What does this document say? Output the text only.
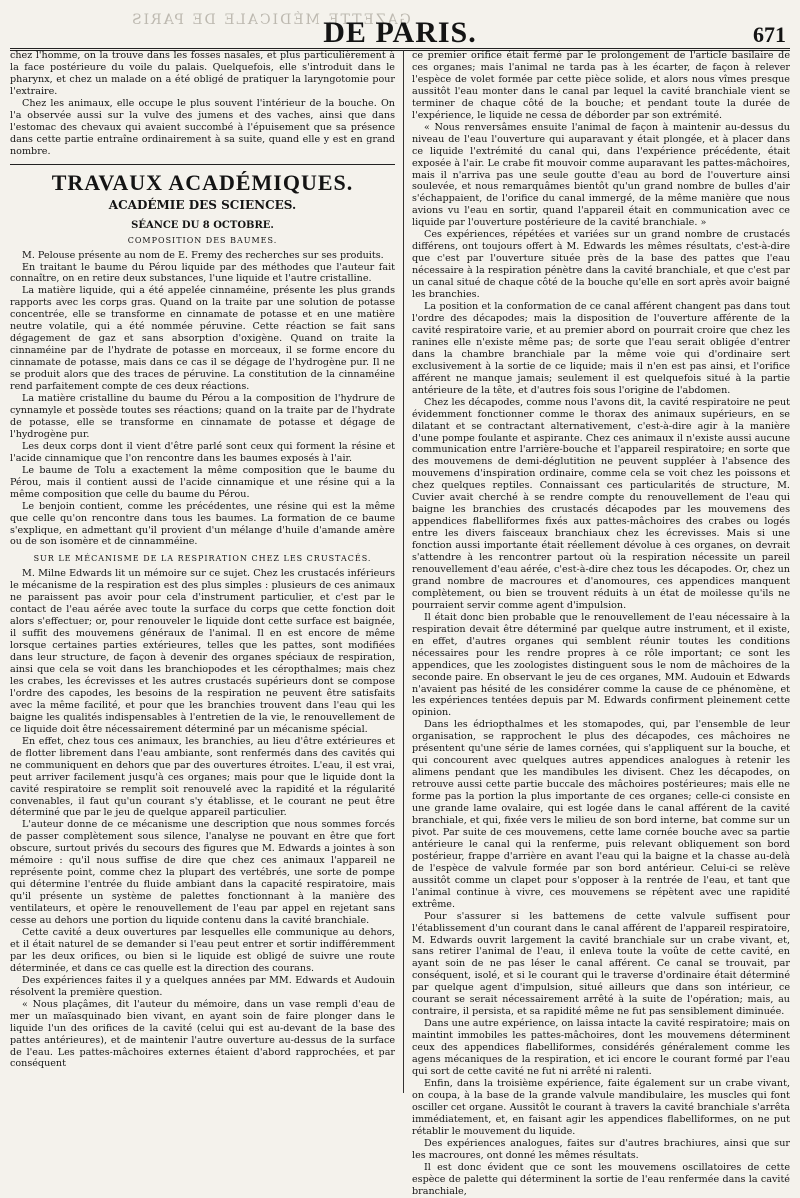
GAZETTE MÉDICALE DE PARIS
DE PARIS.	671

chez l'homme, on la trouve dans les fosses nasales, et plus particulièrement à la face postérieure du voile du palais. Quelquefois, elle s'introduit dans le pharynx, et chez un malade on a été obligé de pratiquer la laryngotomie pour l'extraire.

Chez les animaux, elle occupe le plus souvent l'intérieur de la bouche. On l'a observée aussi sur la vulve des jumens et des vaches, ainsi que dans l'estomac des chevaux qui avaient succombé à l'épuisement que sa présence dans cette partie entraîne ordinairement à sa suite, quand elle y est en grand nombre.

TRAVAUX ACADÉMIQUES.
ACADÉMIE DES SCIENCES.
SÉANCE DU 8 OCTOBRE.
COMPOSITION DES BAUMES.

M. Pelouse présente au nom de E. Fremy des recherches sur ses produits.

En traitant le baume du Pérou liquide par des méthodes que l'auteur fait connaître, on en retire deux substances, l'une liquide et l'autre cristalline.

La matière liquide, qui a été appelée cinnaméine, présente les plus grands rapports avec les corps gras. Quand on la traite par une solution de potasse concentrée, elle se transforme en cinnamate de potasse et en une matière neutre volatile, qui a été nommée péruvine. Cette réaction se fait sans dégagement de gaz et sans absorption d'oxigène. Quand on traite la cinnaméine par de l'hydrate de potasse en morceaux, il se forme encore du cinnamate de potasse, mais dans ce cas il se dégage de l'hydrogène pur. Il ne se produit alors que des traces de péruvine. La constitution de la cinnaméine rend parfaitement compte de ces deux réactions.

La matière cristalline du baume du Pérou a la composition de l'hydrure de cynnamyle et possède toutes ses réactions; quand on la traite par de l'hydrate de potasse, elle se transforme en cinnamate de potasse et dégage de l'hydrogène pur.

Les deux corps dont il vient d'être parlé sont ceux qui forment la résine et l'acide cinnamique que l'on rencontre dans les baumes exposés à l'air.

Le baume de Tolu a exactement la même composition que le baume du Pérou, mais il contient aussi de l'acide cinnamique et une résine qui a la même composition que celle du baume du Pérou.

Le benjoin contient, comme les précédentes, une résine qui est la même que celle qu'on rencontre dans tous les baumes. La formation de ce baume s'explique, en admettant qu'il provient d'un mélange d'huile d'amande amère ou de son isomère et de cinnamméine.

SUR LE MÉCANISME DE LA RESPIRATION CHEZ LES CRUSTACÉS.

M. Milne Edwards lit un mémoire sur ce sujet. Chez les crustacés inférieurs le mécanisme de la respiration est des plus simples : plusieurs de ces animaux ne paraissent pas avoir pour cela d'instrument particulier, et c'est par le contact de l'eau aérée avec toute la surface du corps que cette fonction doit alors s'effectuer; or, pour renouveler le liquide dont cette surface est baignée, il suffit des mouvemens généraux de l'animal. Il en est encore de même lorsque certaines parties extérieures, telles que les pattes, sont modifiées dans leur structure, de façon à devenir des organes spéciaux de respiration, ainsi que cela se voit dans les branchiopodes et les céropthalmes; mais chez les crabes, les écrevisses et les autres crustacés supérieurs dont se compose l'ordre des capodes, les besoins de la respiration ne peuvent être satisfaits avec la même facilité, et pour que les branchies trouvent dans l'eau qui les baigne les qualités indispensables à l'entretien de la vie, le renouvellement de ce liquide doit être nécessairement déterminé par un mécanisme spécial.

En effet, chez tous ces animaux, les branchies, au lieu d'être extérieures et de flotter librement dans l'eau ambiante, sont renfermés dans des cavités qui ne communiquent en dehors que par des ouvertures étroites. L'eau, il est vrai, peut arriver facilement jusqu'à ces organes; mais pour que le liquide dont la cavité respiratoire se remplit soit renouvelé avec la rapidité et la régularité convenables, il faut qu'un courant s'y établisse, et le courant ne peut être déterminé que par le jeu de quelque appareil particulier.

L'auteur donne de ce mécanisme une description que nous sommes forcés de passer complètement sous silence, l'analyse ne pouvant en être que fort obscure, surtout privés du secours des figures que M. Edwards a jointes à son mémoire : qu'il nous suffise de dire que chez ces animaux l'appareil ne représente point, comme chez la plupart des vertébrés, une sorte de pompe qui détermine l'entrée du fluide ambiant dans la capacité respiratoire, mais qu'il présente un système de palettes fonctionnant à la manière des ventilateurs, et opère le renouvellement de l'eau par appel en rejetant sans cesse au dehors une portion du liquide contenu dans la cavité branchiale.

Cette cavité a deux ouvertures par lesquelles elle communique au dehors, et il était naturel de se demander si l'eau peut entrer et sortir indifféremment par les deux orifices, ou bien si le liquide est obligé de suivre une route déterminée, et dans ce cas quelle est la direction des courans.

Des expériences faites il y a quelques années par MM. Edwards et Audouin résolvent la première question.

« Nous plaçâmes, dit l'auteur du mémoire, dans un vase rempli d'eau de mer un maïasquinado bien vivant, en ayant soin de faire plonger dans le liquide l'un des orifices de la cavité (celui qui est au-devant de la base des pattes antérieures), et de maintenir l'autre ouverture au-dessus de la surface de l'eau. Les pattes-mâchoires externes étaient d'abord rapprochées, et par conséquent

ce premier orifice était fermé par le prolongement de l'article basilaire de ces organes; mais l'animal ne tarda pas à les écarter, de façon à relever l'espèce de volet formée par cette pièce solide, et alors nous vîmes presque aussitôt l'eau monter dans le canal par lequel la cavité branchiale vient se terminer de chaque côté de la bouche; et pendant toute la durée de l'expérience, le liquide ne cessa de déborder par son extrémité.

« Nous renversâmes ensuite l'animal de façon à maintenir au-dessus du niveau de l'eau l'ouverture qui auparavant y était plongée, et à placer dans ce liquide l'extrémité du canal qui, dans l'expérience précédente, était exposée à l'air. Le crabe fit mouvoir comme auparavant les pattes-mâchoires, mais il n'arriva pas une seule goutte d'eau au bord de l'ouverture ainsi soulevée, et nous remarquâmes bientôt qu'un grand nombre de bulles d'air s'échappaient, de l'orifice du canal immergé, de la même manière que nous avions vu l'eau en sortir, quand l'appareil était en communication avec ce liquide par l'ouverture postérieure de la cavité branchiale. »

Ces expériences, répétées et variées sur un grand nombre de crustacés différens, ont toujours offert à M. Edwards les mêmes résultats, c'est-à-dire que c'est par l'ouverture située près de la base des pattes que l'eau nécessaire à la respiration pénètre dans la cavité branchiale, et que c'est par un canal situé de chaque côté de la bouche qu'elle en sort après avoir baigné les branchies.

La position et la conformation de ce canal afférent changent pas dans tout l'ordre des décapodes; mais la disposition de l'ouverture afférente de la cavité respiratoire varie, et au premier abord on pourrait croire que chez les ranines elle n'existe même pas; de sorte que l'eau serait obligée d'entrer dans la chambre branchiale par la même voie qui d'ordinaire sert exclusivement à la sortie de ce liquide; mais il n'en est pas ainsi, et l'orifice afférent ne manque jamais; seulement il est quelquefois situé à la partie antérieure de la tête, et d'autres fois sous l'origine de l'abdomen.

Chez les décapodes, comme nous l'avons dit, la cavité respiratoire ne peut évidemment fonctionner comme le thorax des animaux supérieurs, en se dilatant et se contractant alternativement, c'est-à-dire agir à la manière d'une pompe foulante et aspirante. Chez ces animaux il n'existe aussi aucune communication entre l'arrière-bouche et l'appareil respiratoire; en sorte que des mouvemens de demi-déglutition ne peuvent suppléer à l'absence des mouvemens d'inspiration ordinaire, comme cela se voit chez les poissons et chez quelques reptiles. Connaissant ces particularités de structure, M. Cuvier avait cherché à se rendre compte du renouvellement de l'eau qui baigne les branchies des crustacés décapodes par les mouvemens des appendices flabelliformes fixés aux pattes-mâchoires des crabes ou logés entre les divers faisceaux branchiaux chez les écrevisses. Mais si une fonction aussi importante était réellement dévolue à ces organes, on devrait s'attendre à les rencontrer partout où la respiration nécessite un pareil renouvellement d'eau aérée, c'est-à-dire chez tous les décapodes. Or, chez un grand nombre de macroures et d'anomoures, ces appendices manquent complètement, ou bien se trouvent réduits à un état de moilesse qu'ils ne pourraient servir comme agent d'impulsion.

Il était donc bien probable que le renouvellement de l'eau nécessaire à la respiration devait être déterminé par quelque autre instrument, et il existe, en effet, d'autres organes qui semblent réunir toutes les conditions nécessaires pour les rendre propres à ce rôle important; ce sont les appendices, que les zoologistes distinguent sous le nom de mâchoires de la seconde paire. En observant le jeu de ces organes, MM. Audouin et Edwards n'avaient pas hésité de les considérer comme la cause de ce phénomène, et les expériences tentées depuis par M. Edwards confirment pleinement cette opinion.

Dans les édriopthalmes et les stomapodes, qui, par l'ensemble de leur organisation, se rapprochent le plus des décapodes, ces mâchoires ne présentent qu'une série de lames cornées, qui s'appliquent sur la bouche, et qui concourent avec quelques autres appendices analogues à retenir les alimens pendant que les mandibules les divisent. Chez les décapodes, on retrouve aussi cette partie buccale des mâchoires postérieures; mais elle ne forme pas la portion la plus importante de ces organes; celle-ci consiste en une grande lame ovalaire, qui est logée dans le canal afférent de la cavité branchiale, et qui, fixée vers le milieu de son bord interne, bat comme sur un pivot. Par suite de ces mouvemens, cette lame cornée bouche avec sa partie antérieure le canal qui la renferme, puis relevant obliquement son bord postérieur, frappe d'arrière en avant l'eau qui la baigne et la chasse au-delà de l'espèce de valvule formée par son bord antérieur. Celui-ci se relève aussitôt comme un clapet pour s'opposer à la rentrée de l'eau, et tant que l'animal continue à vivre, ces mouvemens se répètent avec une rapidité extrême.

Pour s'assurer si les battemens de cette valvule suffisent pour l'établissement d'un courant dans le canal afférent de l'appareil respiratoire, M. Edwards ouvrit largement la cavité branchiale sur un crabe vivant, et, sans retirer l'animal de l'eau, il enleva toute la voûte de cette cavité, en ayant soin de ne pas léser le canal afférent. Ce canal se trouvait, par conséquent, isolé, et si le courant qui le traverse d'ordinaire était déterminé par quelque agent d'impulsion, situé ailleurs que dans son intérieur, ce courant se serait nécessairement arrêté à la suite de l'opération; mais, au contraire, il persista, et sa rapidité même ne fut pas sensiblement diminuée.

Dans une autre expérience, on laissa intacte la cavité respiratoire; mais on maintint immobiles les pattes-mâchoires, dont les mouvemens déterminent ceux des appendices flabelliformes, considérés généralement comme les agens mécaniques de la respiration, et ici encore le courant formé par l'eau qui sort de cette cavité ne fut ni arrêté ni ralenti.

Enfin, dans la troisième expérience, faite également sur un crabe vivant, on coupa, à la base de la grande valvule mandibulaire, les muscles qui font osciller cet organe. Aussitôt le courant à travers la cavité branchiale s'arrêta immédiatement, et, en faisant agir les appendices flabelliformes, on ne put rétablir le mouvement du liquide.

Des expériences analogues, faites sur d'autres brachiures, ainsi que sur les macroures, ont donné les mêmes résultats.

Il est donc évident que ce sont les mouvemens oscillatoires de cette espèce de palette qui déterminent la sortie de l'eau renfermée dans la cavité branchiale,
